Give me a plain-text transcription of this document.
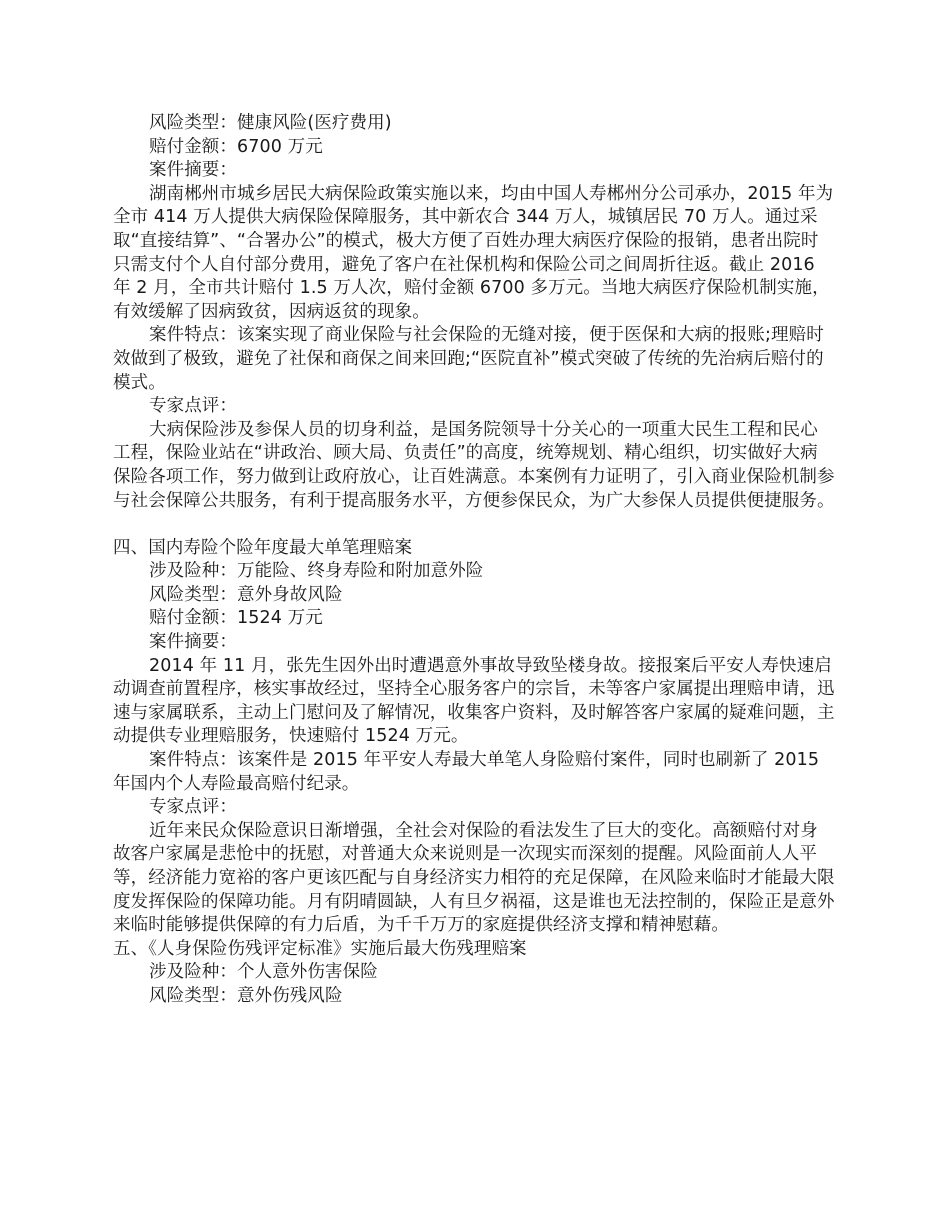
风险类型：健康风险(医疗费用)

赔付金额：6700 万元

案件摘要：

湖南郴州市城乡居民大病保险政策实施以来，均由中国人寿郴州分公司承办，2015 年为全市 414 万人提供大病保险保障服务，其中新农合 344 万人，城镇居民 70 万人。通过采取“直接结算”、“合署办公”的模式，极大方便了百姓办理大病医疗保险的报销，患者出院时只需支付个人自付部分费用，避免了客户在社保机构和保险公司之间周折往返。截止 2016 年 2 月，全市共计赔付 1.5 万人次，赔付金额 6700 多万元。当地大病医疗保险机制实施，有效缓解了因病致贫，因病返贫的现象。

案件特点：该案实现了商业保险与社会保险的无缝对接，便于医保和大病的报账;理赔时效做到了极致，避免了社保和商保之间来回跑;“医院直补”模式突破了传统的先治病后赔付的模式。

专家点评：

大病保险涉及参保人员的切身利益，是国务院领导十分关心的一项重大民生工程和民心工程，保险业站在“讲政治、顾大局、负责任”的高度，统筹规划、精心组织，切实做好大病保险各项工作，努力做到让政府放心，让百姓满意。本案例有力证明了，引入商业保险机制参与社会保障公共服务，有利于提高服务水平，方便参保民众，为广大参保人员提供便捷服务。

四、国内寿险个险年度最大单笔理赔案

涉及险种：万能险、终身寿险和附加意外险

风险类型：意外身故风险

赔付金额：1524 万元

案件摘要：

2014 年 11 月，张先生因外出时遭遇意外事故导致坠楼身故。接报案后平安人寿快速启动调查前置程序，核实事故经过，坚持全心服务客户的宗旨，未等客户家属提出理赔申请，迅速与家属联系，主动上门慰问及了解情况，收集客户资料，及时解答客户家属的疑难问题，主动提供专业理赔服务，快速赔付 1524 万元。

案件特点：该案件是 2015 年平安人寿最大单笔人身险赔付案件，同时也刷新了 2015 年国内个人寿险最高赔付纪录。

专家点评：

近年来民众保险意识日渐增强，全社会对保险的看法发生了巨大的变化。高额赔付对身故客户家属是悲怆中的抚慰，对普通大众来说则是一次现实而深刻的提醒。风险面前人人平等，经济能力宽裕的客户更该匹配与自身经济实力相符的充足保障，在风险来临时才能最大限度发挥保险的保障功能。月有阴晴圆缺，人有旦夕祸福，这是谁也无法控制的，保险正是意外来临时能够提供保障的有力后盾，为千千万万的家庭提供经济支撑和精神慰藉。

五、《人身保险伤残评定标准》实施后最大伤残理赔案

涉及险种：个人意外伤害保险

风险类型：意外伤残风险
